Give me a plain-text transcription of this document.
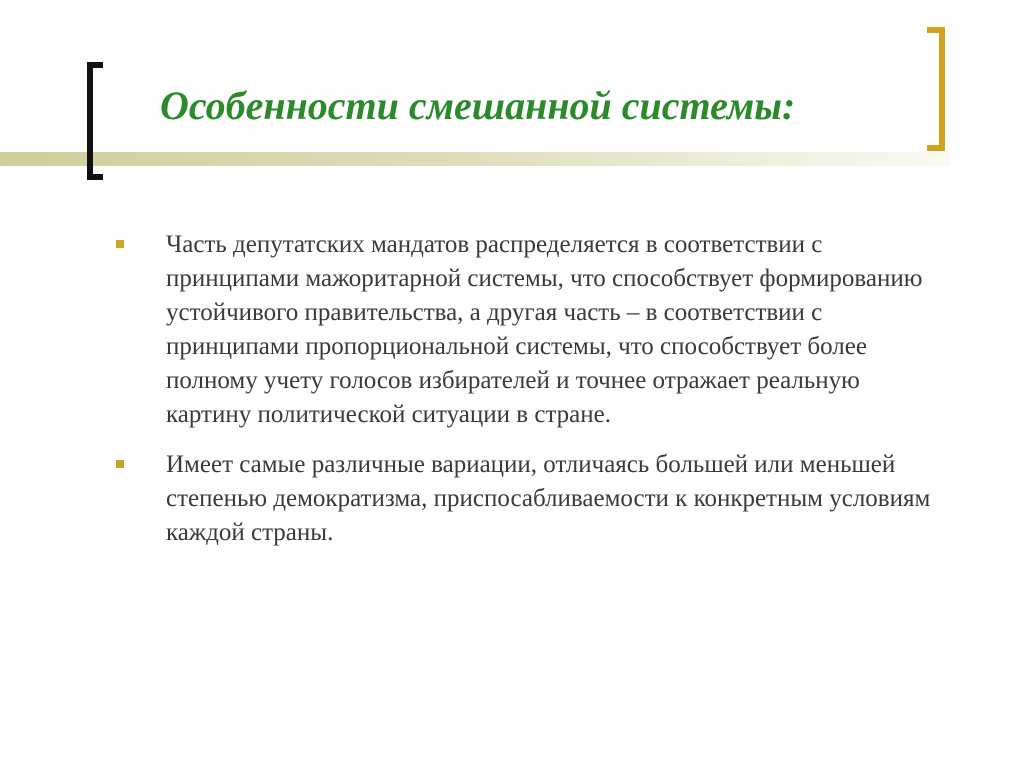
Особенности смешанной системы:
Часть депутатских мандатов распределяется в соответствии с принципами мажоритарной системы, что способствует формированию устойчивого правительства, а другая часть – в соответствии с принципами пропорциональной системы, что способствует более полному учету голосов избирателей и точнее отражает реальную картину политической ситуации в стране.
Имеет самые различные вариации, отличаясь большей или меньшей степенью демократизма, приспосабливаемости к конкретным условиям каждой страны.
